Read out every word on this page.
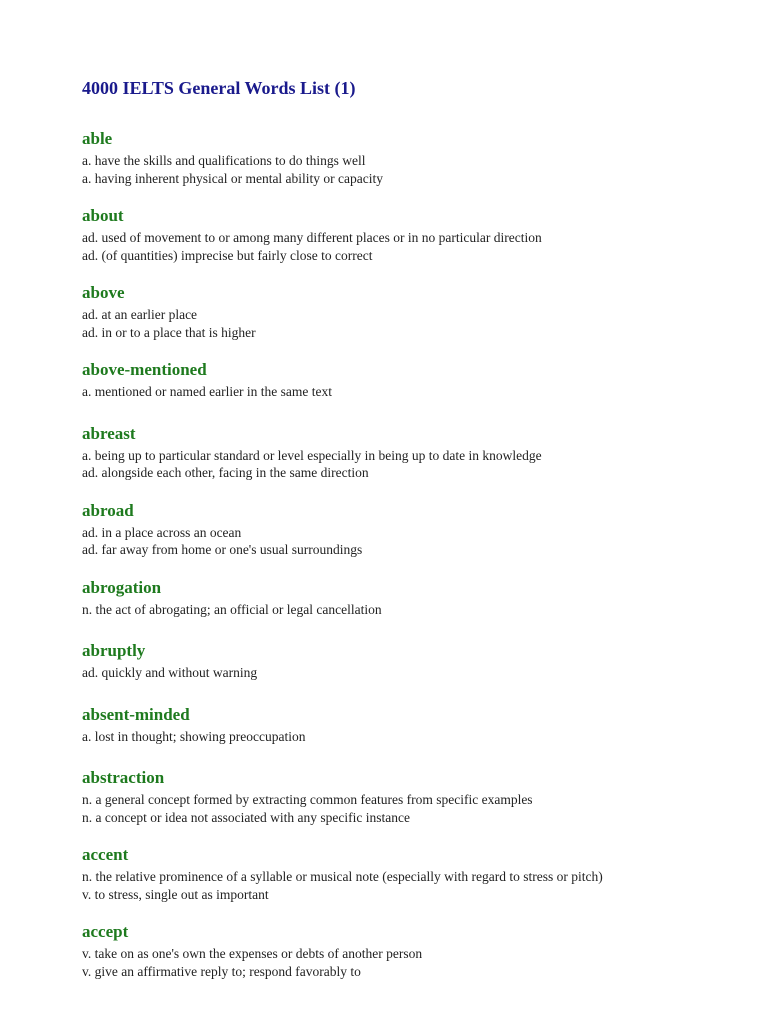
4000 IELTS General Words List (1)
able
a. have the skills and qualifications to do things well
a. having inherent physical or mental ability or capacity
about
ad. used of movement to or among many different places or in no particular direction
ad. (of quantities) imprecise but fairly close to correct
above
ad. at an earlier place
ad. in or to a place that is higher
above-mentioned
a. mentioned or named earlier in the same text
abreast
a. being up to particular standard or level especially in being up to date in knowledge
ad. alongside each other, facing in the same direction
abroad
ad. in a place across an ocean
ad. far away from home or one's usual surroundings
abrogation
n. the act of abrogating; an official or legal cancellation
abruptly
ad. quickly and without warning
absent-minded
a. lost in thought; showing preoccupation
abstraction
n. a general concept formed by extracting common features from specific examples
n. a concept or idea not associated with any specific instance
accent
n. the relative prominence of a syllable or musical note (especially with regard to stress or pitch)
v. to stress, single out as important
accept
v. take on as one's own the expenses or debts of another person
v. give an affirmative reply to; respond favorably to
